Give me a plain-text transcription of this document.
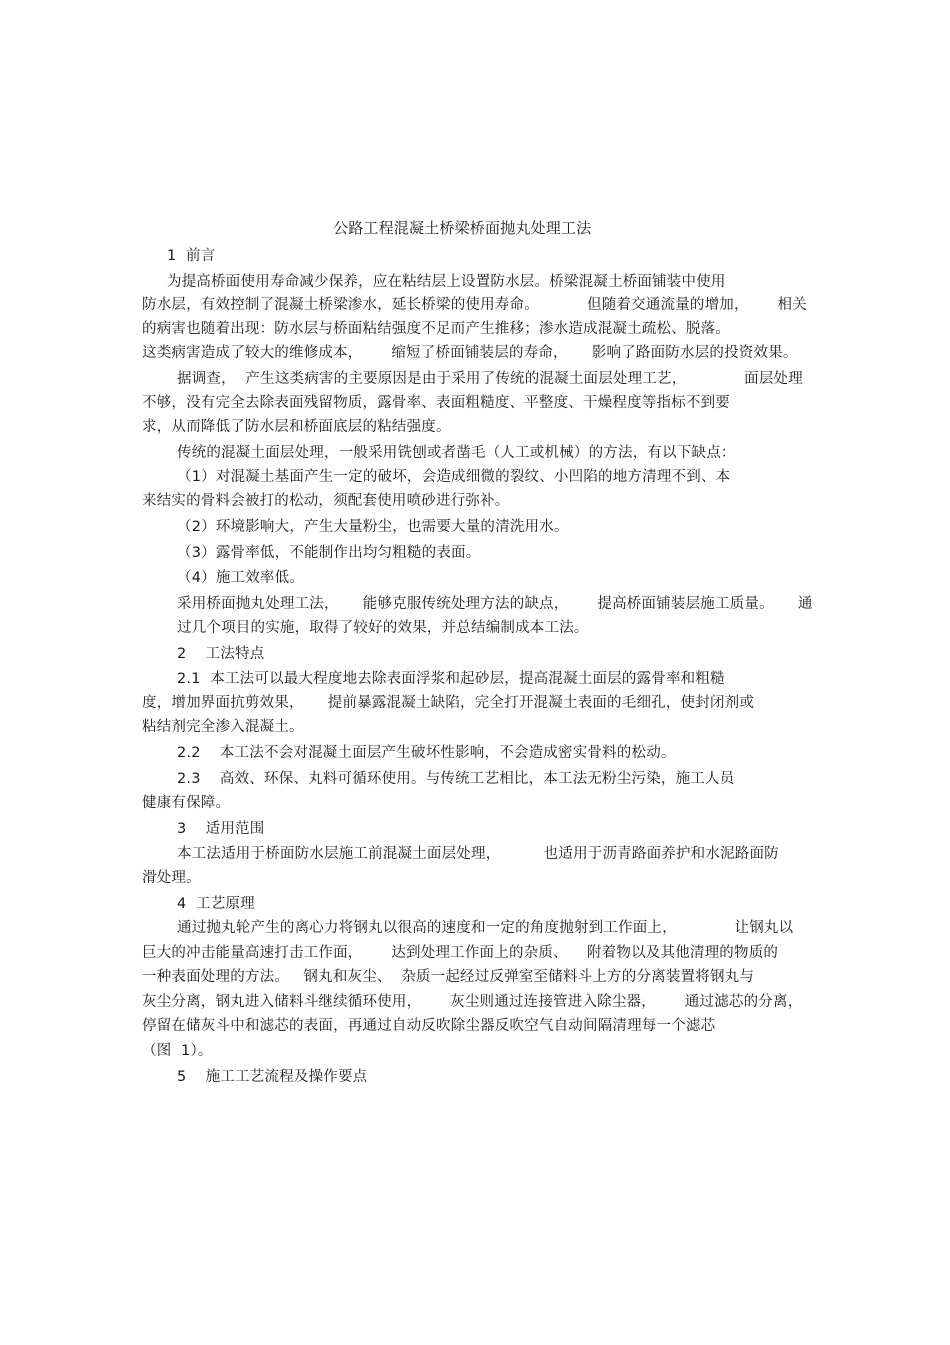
公路工程混凝土桥梁桥面抛丸处理工法
1  前言
为提高桥面使用寿命减少保养，应在粘结层上设置防水层。桥梁混凝土桥面铺装中使用
防水层，有效控制了混凝土桥梁渗水，延长桥梁的使用寿命。          但随着交通流量的增加，      相关
的病害也随着出现：防水层与桥面粘结强度不足而产生推移；渗水造成混凝土疏松、脱落。
这类病害造成了较大的维修成本，      缩短了桥面铺装层的寿命，     影响了路面防水层的投资效果。
据调查，  产生这类病害的主要原因是由于采用了传统的混凝土面层处理工艺，            面层处理
不够，没有完全去除表面残留物质，露骨率、表面粗糙度、平整度、干燥程度等指标不到要
求，从而降低了防水层和桥面底层的粘结强度。
传统的混凝土面层处理，一般采用铣刨或者凿毛（人工或机械）的方法，有以下缺点：
（1）对混凝土基面产生一定的破坏，会造成细微的裂纹、小凹陷的地方清理不到、本
来结实的骨料会被打的松动，须配套使用喷砂进行弥补。
（2）环境影响大，产生大量粉尘，也需要大量的清洗用水。
（3）露骨率低，不能制作出均匀粗糙的表面。
（4）施工效率低。
采用桥面抛丸处理工法，     能够克服传统处理方法的缺点，      提高桥面铺装层施工质量。     通
过几个项目的实施，取得了较好的效果，并总结编制成本工法。
2    工法特点
2.1  本工法可以最大程度地去除表面浮浆和起砂层，提高混凝土面层的露骨率和粗糙
度，增加界面抗剪效果，     提前暴露混凝土缺陷，完全打开混凝土表面的毛细孔，使封闭剂或
粘结剂完全渗入混凝土。
2.2    本工法不会对混凝土面层产生破坏性影响，不会造成密实骨料的松动。
2.3    高效、环保、丸料可循环使用。与传统工艺相比，本工法无粉尘污染，施工人员
健康有保障。
3    适用范围
本工法适用于桥面防水层施工前混凝土面层处理，         也适用于沥青路面养护和水泥路面防
滑处理。
4  工艺原理
通过抛丸轮产生的离心力将钢丸以很高的速度和一定的角度抛射到工作面上，            让钢丸以
巨大的冲击能量高速打击工作面，      达到处理工作面上的杂质、    附着物以及其他清理的物质的
一种表面处理的方法。   钢丸和灰尘、  杂质一起经过反弹室至储料斗上方的分离装置将钢丸与
灰尘分离，钢丸进入储料斗继续循环使用，      灰尘则通过连接管进入除尘器，      通过滤芯的分离，
停留在储灰斗中和滤芯的表面，再通过自动反吹除尘器反吹空气自动间隔清理每一个滤芯
（图  1）。
5    施工工艺流程及操作要点
